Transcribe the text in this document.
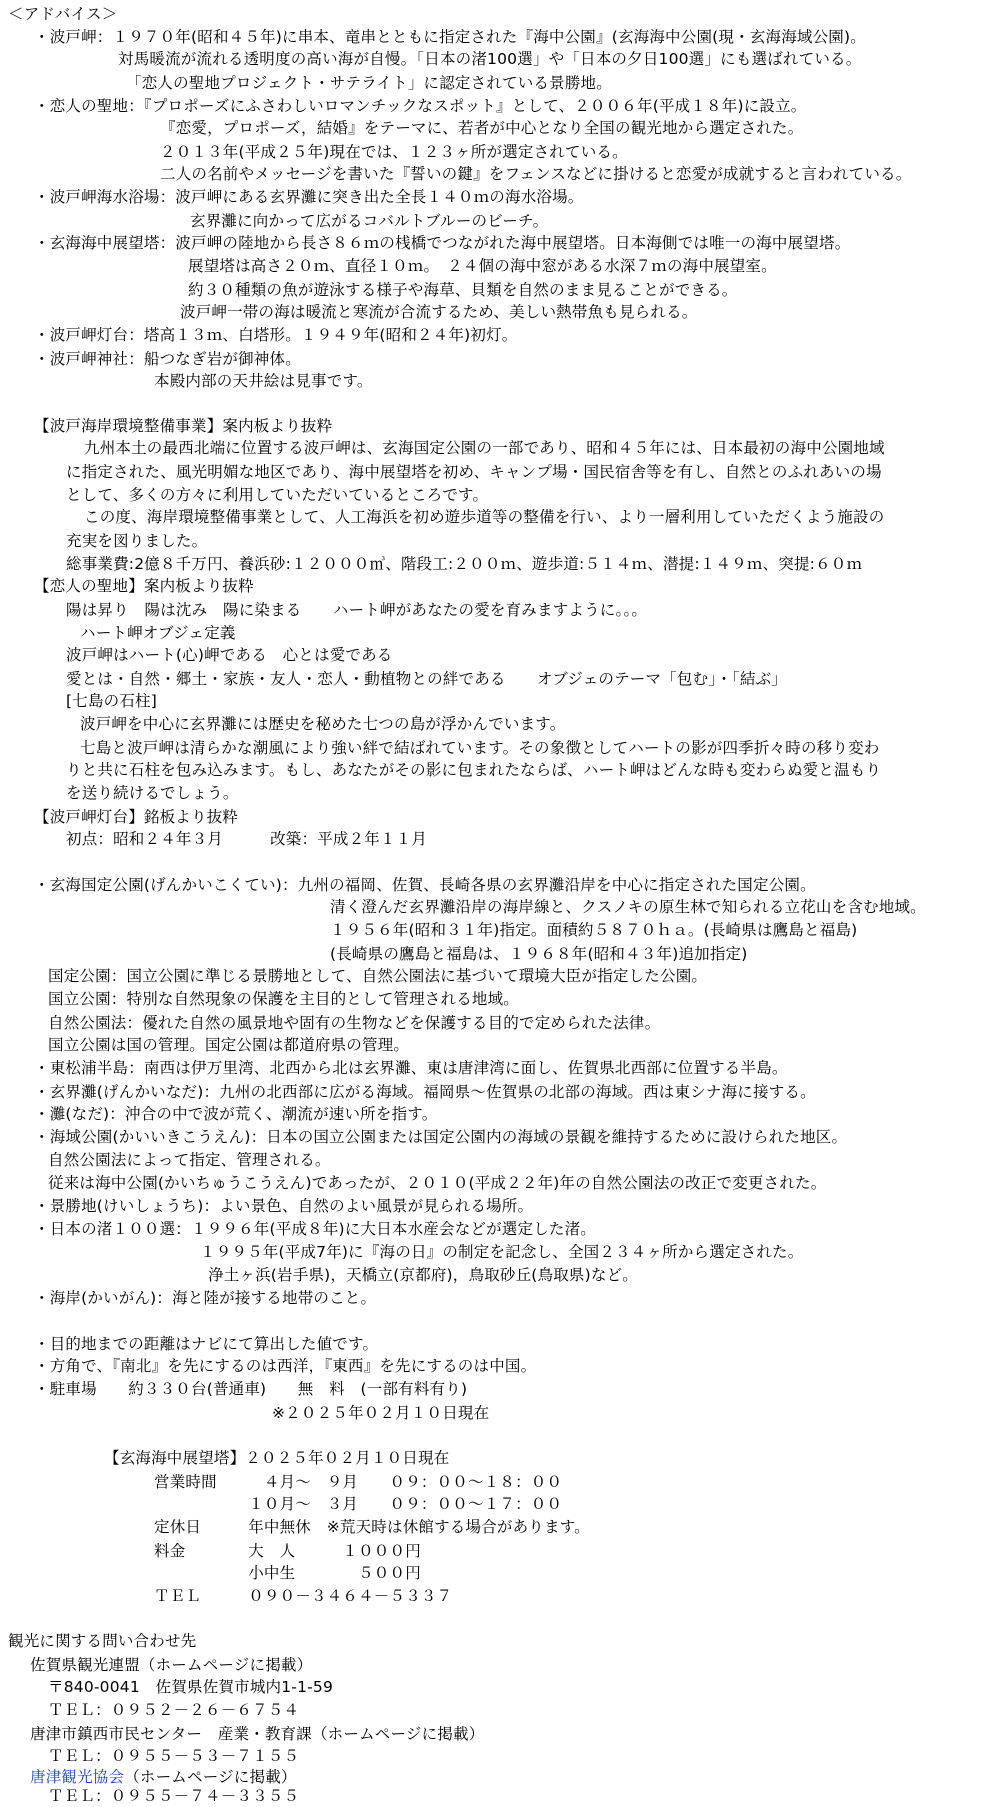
＜アドバイス＞
・波戸岬：１９７０年(昭和４５年)に串本、竜串とともに指定された『海中公園』(玄海海中公園(現・玄海海域公園)。
対馬暖流が流れる透明度の高い海が自慢。「日本の渚100選」や「日本の夕日100選」にも選ばれている。
「恋人の聖地プロジェクト・サテライト」に認定されている景勝地。
・恋人の聖地：『プロポーズにふさわしいロマンチックなスポット』として、２００６年(平成１８年)に設立。
『恋愛，プロポーズ，結婚』をテーマに、若者が中心となり全国の観光地から選定された。
２０１３年(平成２５年)現在では、１２３ヶ所が選定されている。
二人の名前やメッセージを書いた『誓いの鍵』をフェンスなどに掛けると恋愛が成就すると言われている。
・波戸岬海水浴場：波戸岬にある玄界灘に突き出た全長１４０ｍの海水浴場。
玄界灘に向かって広がるコバルトブルーのビーチ。
・玄海海中展望塔：波戸岬の陸地から長さ８６ｍの桟橋でつながれた海中展望塔。日本海側では唯一の海中展望塔。
展望塔は高さ２０ｍ、直径１０ｍ。　２４個の海中窓がある水深７ｍの海中展望室。
約３０種類の魚が遊泳する様子や海草、貝類を自然のまま見ることができる。
波戸岬一帯の海は暖流と寒流が合流するため、美しい熱帯魚も見られる。
・波戸岬灯台：塔高１３ｍ、白塔形。１９４９年(昭和２４年)初灯。
・波戸岬神社：船つなぎ岩が御神体。
本殿内部の天井絵は見事です。
【波戸海岸環境整備事業】案内板より抜粋
九州本土の最西北端に位置する波戸岬は、玄海国定公園の一部であり、昭和４５年には、日本最初の海中公園地域
に指定された、風光明媚な地区であり、海中展望塔を初め、キャンプ場・国民宿舎等を有し、自然とのふれあいの場
として、多くの方々に利用していただいているところです。
この度、海岸環境整備事業として、人工海浜を初め遊歩道等の整備を行い、より一層利用していただくよう施設の
充実を図りました。
総事業費:2億８千万円、養浜砂:１２０００㎥、階段工:２００ｍ、遊歩道:５１４ｍ、潜提:１４９ｍ、突提:６０ｍ
【恋人の聖地】案内板より抜粋
陽は昇り　陽は沈み　陽に染まる　　ハート岬があなたの愛を育みますように。。。
ハート岬オブジェ定義
波戸岬はハート(心)岬である　心とは愛である
愛とは・自然・郷土・家族・友人・恋人・動植物との絆である　　オブジェのテーマ「包む」・「結ぶ」
[七島の石柱]
波戸岬を中心に玄界灘には歴史を秘めた七つの島が浮かんでいます。
七島と波戸岬は清らかな潮風により強い絆で結ばれています。その象徴としてハートの影が四季折々時の移り変わ
りと共に石柱を包み込みます。もし、あなたがその影に包まれたならば、ハート岬はどんな時も変わらぬ愛と温もり
を送り続けるでしょう。
【波戸岬灯台】銘板より抜粋
初点：昭和２４年３月　　　改築：平成２年１１月
・玄海国定公園(げんかいこくてい)：九州の福岡、佐賀、長崎各県の玄界灘沿岸を中心に指定された国定公園。
清く澄んだ玄界灘沿岸の海岸線と、クスノキの原生林で知られる立花山を含む地域。
１９５６年(昭和３１年)指定。面積約５８７０ｈａ。(長崎県は鷹島と福島)
(長崎県の鷹島と福島は、１９６８年(昭和４３年)追加指定)
国定公園：国立公園に準じる景勝地として、自然公園法に基づいて環境大臣が指定した公園。
国立公園：特別な自然現象の保護を主目的として管理される地域。
自然公園法：優れた自然の風景地や固有の生物などを保護する目的で定められた法律。
国立公園は国の管理。国定公園は都道府県の管理。
・東松浦半島：南西は伊万里湾、北西から北は玄界灘、東は唐津湾に面し、佐賀県北西部に位置する半島。
・玄界灘(げんかいなだ)：九州の北西部に広がる海域。福岡県～佐賀県の北部の海域。西は東シナ海に接する。
・灘(なだ)：沖合の中で波が荒く、潮流が速い所を指す。
・海域公園(かいいきこうえん)：日本の国立公園または国定公園内の海域の景観を維持するために設けられた地区。
自然公園法によって指定、管理される。
従来は海中公園(かいちゅうこうえん)であったが、２０１０(平成２２年)年の自然公園法の改正で変更された。
・景勝地(けいしょうち)：よい景色、自然のよい風景が見られる場所。
・日本の渚１００選：１９９６年(平成８年)に大日本水産会などが選定した渚。
１９９５年(平成7年)に『海の日』の制定を記念し、全国２３４ヶ所から選定された。
浄土ヶ浜(岩手県)，天橋立(京都府)，鳥取砂丘(鳥取県)など。
・海岸(かいがん)：海と陸が接する地帯のこと。
・目的地までの距離はナビにて算出した値です。
・方角で、『南北』を先にするのは西洋，『東西』を先にするのは中国。
・駐車場　　約３３０台(普通車)　　無　料　(一部有料有り)
※２０２５年０２月１０日現在
【玄海海中展望塔】２０２５年０２月１０日現在
営業時間　　　４月～　９月　　０９：００～１８：００
　　　　　　１０月～　３月　　０９：００～１７：００
定休日　　　年中無休　※荒天時は休館する場合があります。
料金　　　　大　人　　　１０００円
　　　　　　小中生　　　　５００円
ＴＥＬ　　　０９０－３４６４－５３３７
観光に関する問い合わせ先
佐賀県観光連盟（ホームページに掲載）
〒840-0041　佐賀県佐賀市城内1-1-59
ＴＥＬ：０９５２－２６－６７５４
唐津市鎮西市民センター　産業・教育課（ホームページに掲載）
ＴＥＬ：０９５５－５３－７１５５
唐津観光協会（ホームページに掲載）
ＴＥＬ：０９５５－７４－３３５５
